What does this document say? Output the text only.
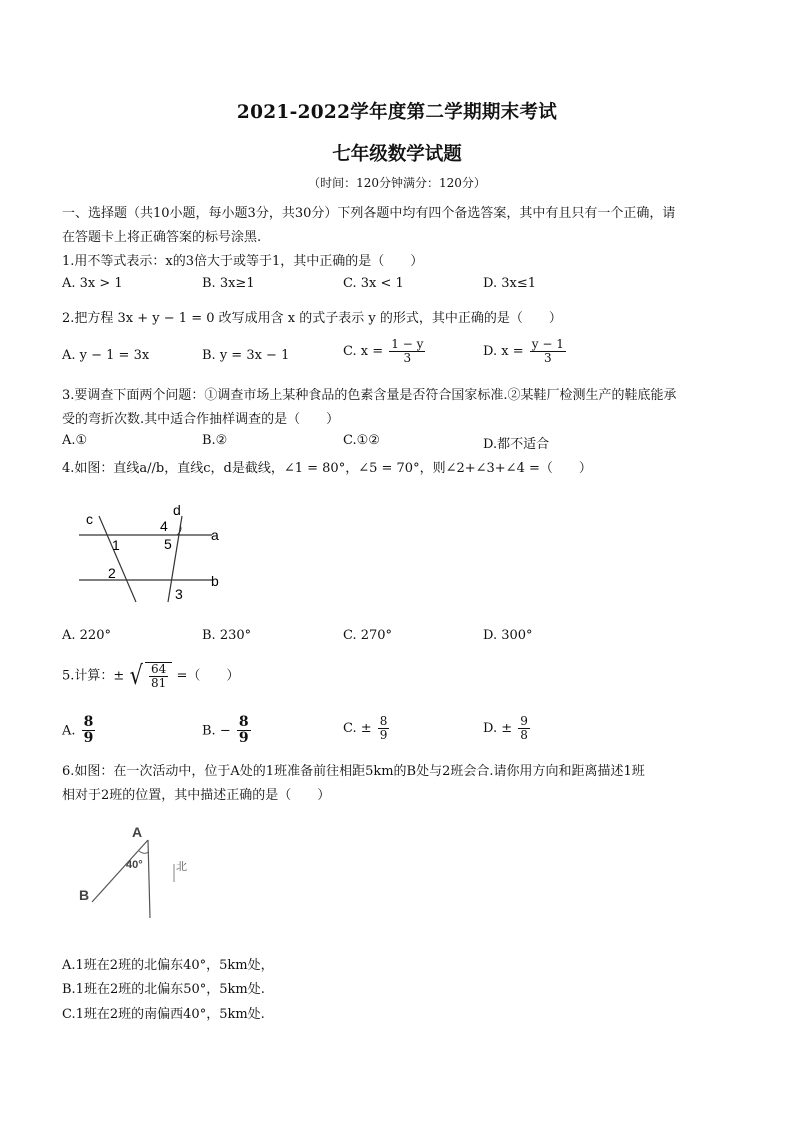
2021-2022学年度第二学期期末考试
七年级数学试题
（时间：120分钟满分：120分）
一、选择题（共10小题，每小题3分，共30分）下列各题中均有四个备选答案，其中有且只有一个正确，请
在答题卡上将正确答案的标号涂黑.
1.用不等式表示：x的3倍大于或等于1，其中正确的是（　　）
A. 3x > 1	B. 3x≥1	C. 3x < 1	D. 3x≤1
2.把方程 3x + y − 1 = 0 改写成用含 x 的式子表示 y 的形式，其中正确的是（　　）
A. y − 1 = 3x	B. y = 3x − 1	C. $x = \frac{1 - y}{3}$	D. $x = \frac{y - 1}{3}$
3.要调查下面两个问题：①调查市场上某种食品的色素含量是否符合国家标准.②某鞋厂检测生产的鞋底能承
受的弯折次数.其中适合作抽样调查的是（　　）
A.①	B.②	C.①②	D.都不适合
4.如图：直线a//b，直线c，d是截线，∠1 = 80°，∠5 = 70°，则∠2+∠3+∠4 =（　　）
c
d
a
b
1
2
3
4
5
A. 220°	B. 230°	C. 270°	D. 300°
5.计算：± √ $\frac{64}{81}$ =（　　）
A. $\frac{8}{9}$	B. − $\frac{8}{9}$	C. ± $\frac{8}{9}$	D. ± $\frac{9}{8}$
6.如图：在一次活动中，位于A处的1班准备前往相距5km的B处与2班会合.请你用方向和距离描述1班
相对于2班的位置，其中描述正确的是（　　）
A
B
40°	北
A.1班在2班的北偏东40°，5km处，
B.1班在2班的北偏东50°，5km处.
C.1班在2班的南偏西40°，5km处.
